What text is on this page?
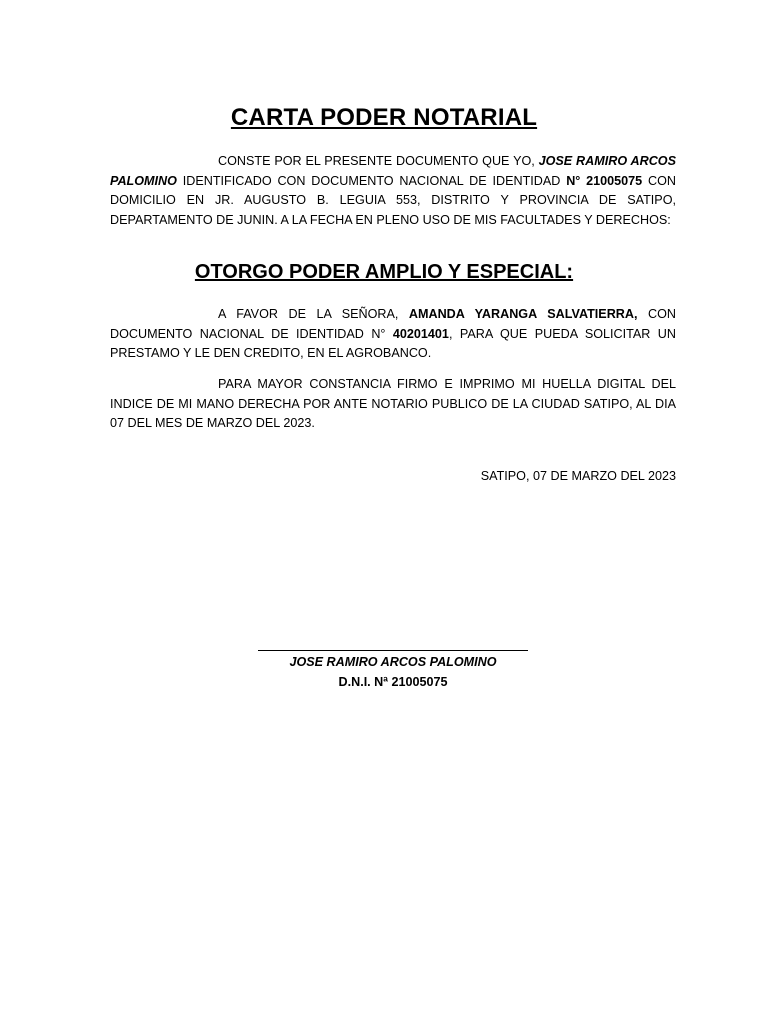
CARTA PODER NOTARIAL

CONSTE POR EL PRESENTE DOCUMENTO QUE YO, JOSE RAMIRO ARCOS PALOMINO IDENTIFICADO CON DOCUMENTO NACIONAL DE IDENTIDAD N° 21005075 CON DOMICILIO EN JR. AUGUSTO B. LEGUIA 553, DISTRITO Y PROVINCIA DE SATIPO, DEPARTAMENTO DE JUNIN. A LA FECHA EN PLENO USO DE MIS FACULTADES Y DERECHOS:

OTORGO PODER AMPLIO Y ESPECIAL:

A FAVOR DE LA SEÑORA, AMANDA YARANGA SALVATIERRA, CON DOCUMENTO NACIONAL DE IDENTIDAD N° 40201401, PARA QUE PUEDA SOLICITAR UN PRESTAMO Y LE DEN CREDITO, EN EL AGROBANCO.

PARA MAYOR CONSTANCIA FIRMO E IMPRIMO MI HUELLA DIGITAL DEL INDICE DE MI MANO DERECHA POR ANTE NOTARIO PUBLICO DE LA CIUDAD SATIPO, AL DIA 07 DEL MES DE MARZO DEL 2023.

SATIPO, 07 DE MARZO DEL 2023
JOSE RAMIRO ARCOS PALOMINO
D.N.I. Nª 21005075
